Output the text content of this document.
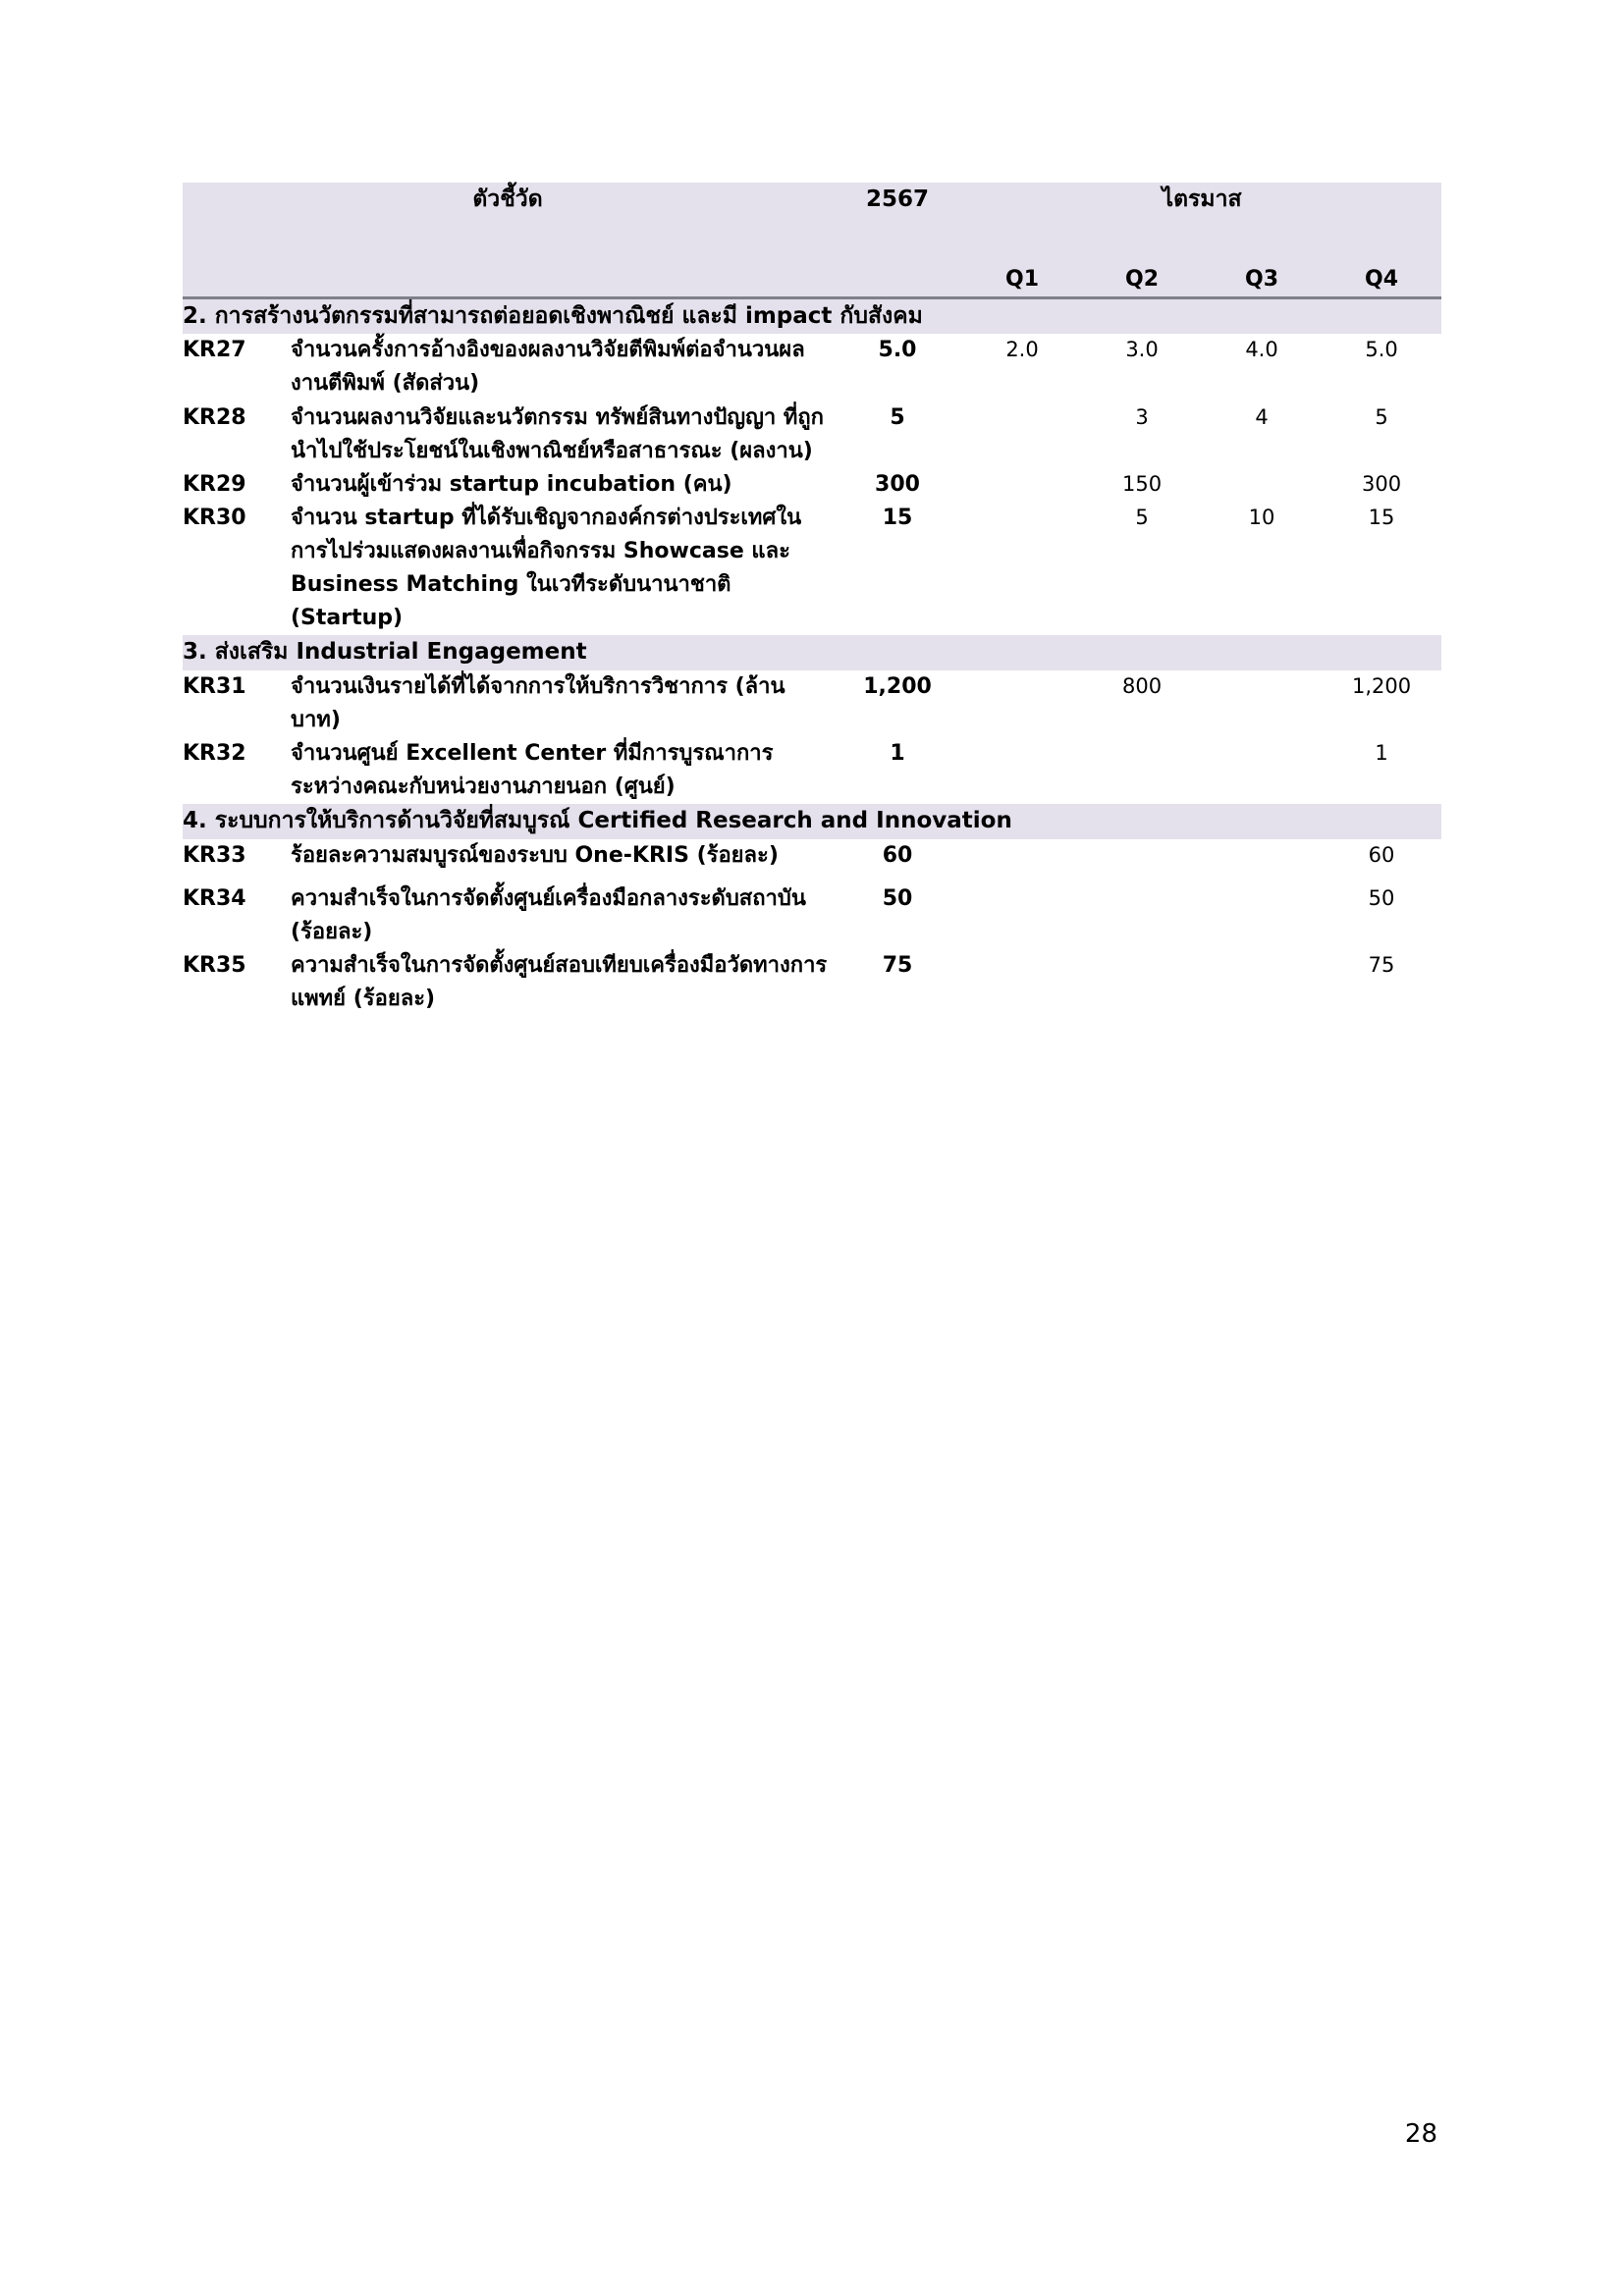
ตัวชี้วัด		2567	ไตรมาส			

			Q1	Q2	Q3	Q4
2. การสร้างนวัตกรรมที่สามารถต่อยอดเชิงพาณิชย์ และมี impact กับสังคม						
KR27	จำนวนครั้งการอ้างอิงของผลงานวิจัยตีพิมพ์ต่อจำนวนผลงานตีพิมพ์ (สัดส่วน)	5.0	2.0	3.0	4.0	5.0
KR28	จำนวนผลงานวิจัยและนวัตกรรม ทรัพย์สินทางปัญญา ที่ถูกนำไปใช้ประโยชน์ในเชิงพาณิชย์หรือสาธารณะ (ผลงาน)	5		3	4	5
KR29	จำนวนผู้เข้าร่วม startup incubation (คน)	300		150		300
KR30	จำนวน startup ที่ได้รับเชิญจากองค์กรต่างประเทศในการไปร่วมแสดงผลงานเพื่อกิจกรรม Showcase และ Business Matching ในเวทีระดับนานาชาติ (Startup)	15		5	10	15
3. ส่งเสริม Industrial Engagement						
KR31	จำนวนเงินรายได้ที่ได้จากการให้บริการวิชาการ (ล้านบาท)	1,200		800		1,200
KR32	จำนวนศูนย์ Excellent Center ที่มีการบูรณาการระหว่างคณะกับหน่วยงานภายนอก (ศูนย์)	1				1
4. ระบบการให้บริการด้านวิจัยที่สมบูรณ์ Certified Research and Innovation						
KR33	ร้อยละความสมบูรณ์ของระบบ One-KRIS (ร้อยละ)	60				60
KR34	ความสำเร็จในการจัดตั้งศูนย์เครื่องมือกลางระดับสถาบัน (ร้อยละ)	50				50
KR35	ความสำเร็จในการจัดตั้งศูนย์สอบเทียบเครื่องมือวัดทางการแพทย์ (ร้อยละ)	75				75

28
